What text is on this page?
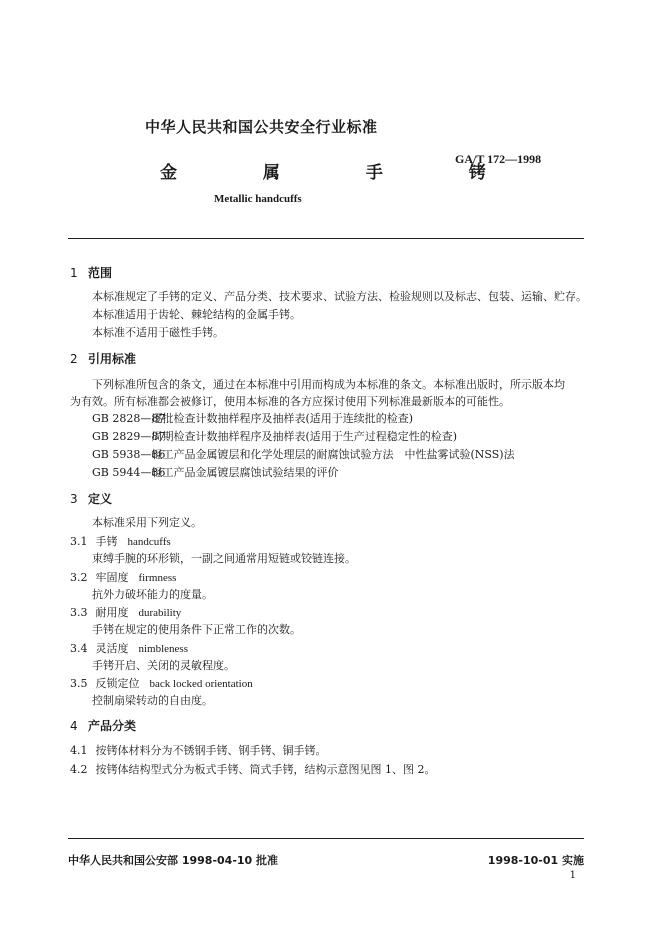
中华人民共和国公共安全行业标准
金 属 手 铐
GA/T 172—1998
Metallic handcuffs
1 范围
本标准规定了手铐的定义、产品分类、技术要求、试验方法、检验规则以及标志、包装、运输、贮存。
本标准适用于齿轮、棘轮结构的金属手铐。
本标准不适用于磁性手铐。
2 引用标准
下列标准所包含的条文，通过在本标准中引用而构成为本标准的条文。本标准出版时，所示版本均
为有效。所有标准都会被修订，使用本标准的各方应探讨使用下列标准最新版本的可能性。
GB 2828—87 逐批检查计数抽样程序及抽样表(适用于连续批的检查)
GB 2829—87 周期检查计数抽样程序及抽样表(适用于生产过程稳定性的检查)
GB 5938—86 轻工产品金属镀层和化学处理层的耐腐蚀试验方法　中性盐雾试验(NSS)法
GB 5944—86 轻工产品金属镀层腐蚀试验结果的评价
3 定义
本标准采用下列定义。
3.1 手铐 handcuffs
束缚手腕的环形锁，一副之间通常用短链或铰链连接。
3.2 牢固度 firmness
抗外力破坏能力的度量。
3.3 耐用度 durability
手铐在规定的使用条件下正常工作的次数。
3.4 灵活度 nimbleness
手铐开启、关闭的灵敏程度。
3.5 反锁定位 back locked orientation
控制扇梁转动的自由度。
4 产品分类
4.1 按铐体材料分为不锈钢手铐、钢手铐、铜手铐。
4.2 按铐体结构型式分为板式手铐、筒式手铐，结构示意图见图 1、图 2。
中华人民共和国公安部 1998-04-10 批准	1998-10-01 实施
1
